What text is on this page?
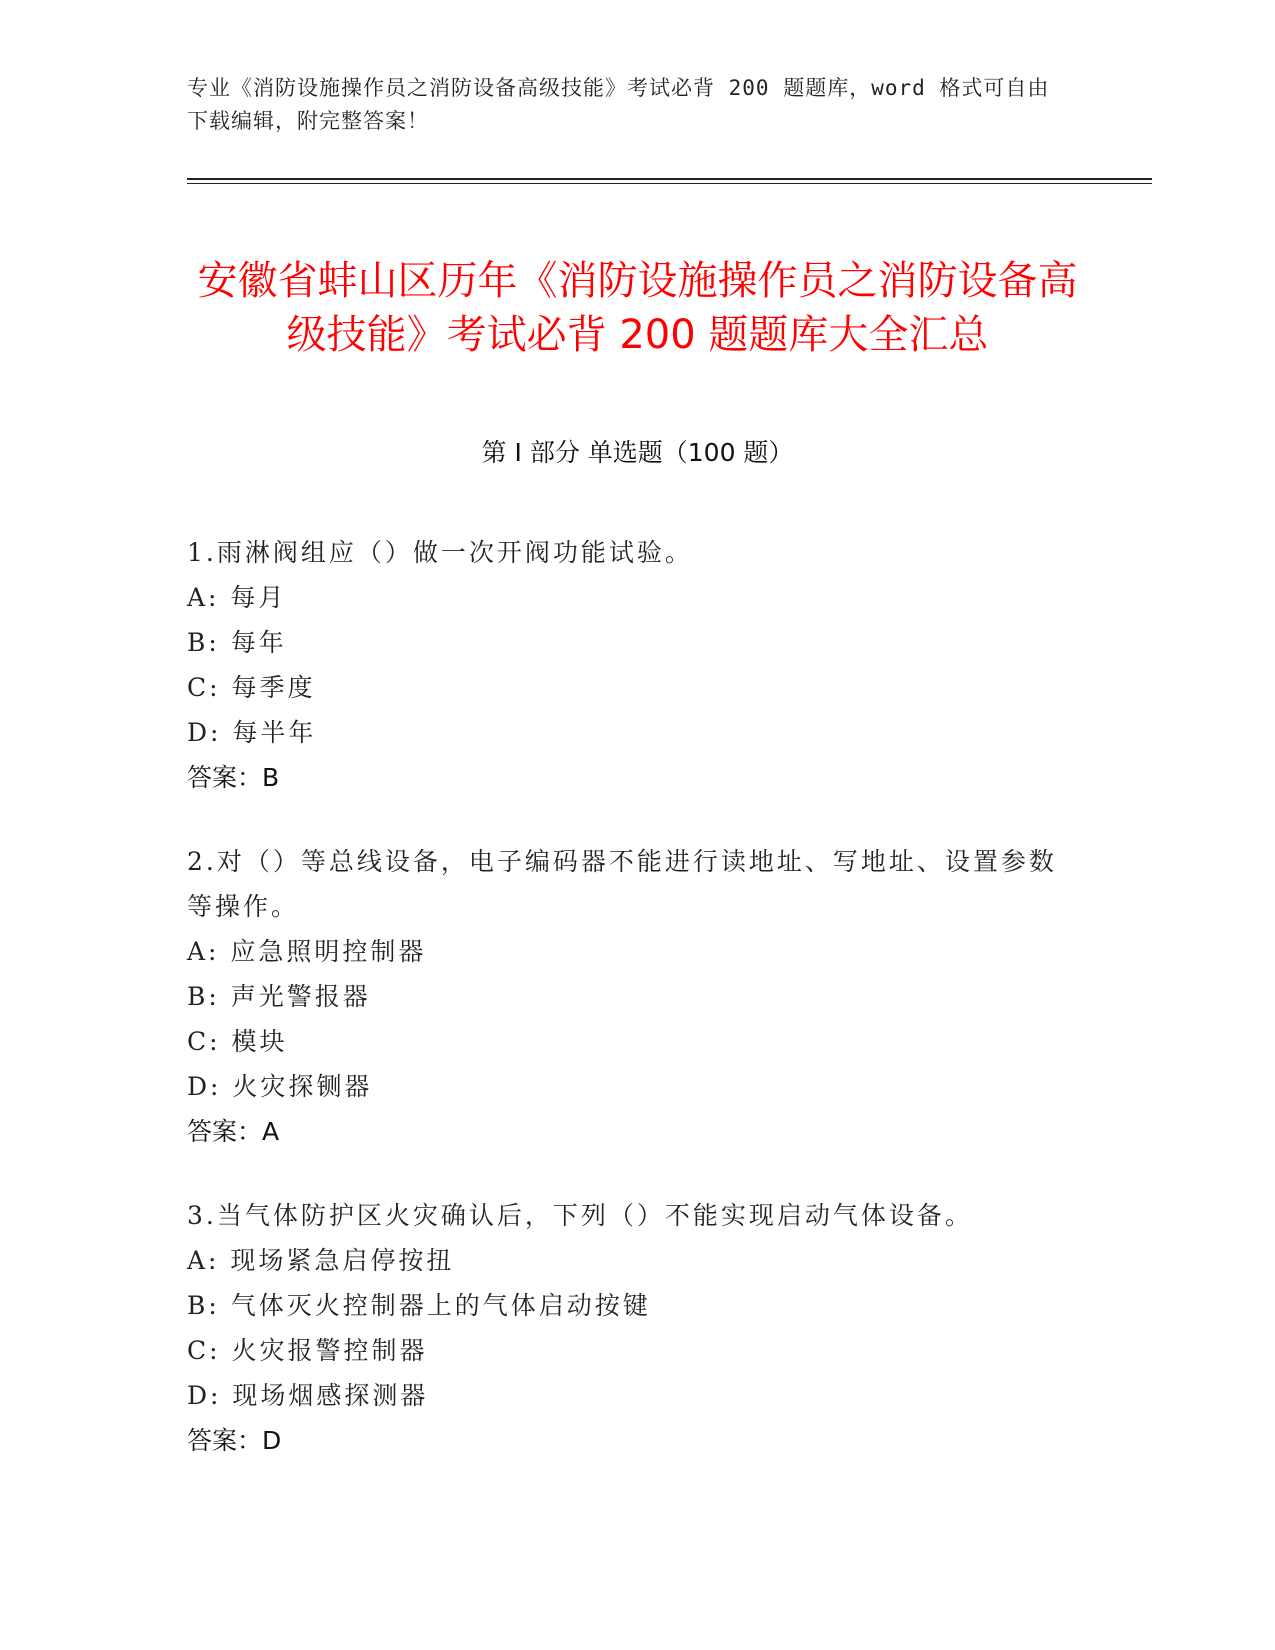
专业《消防设施操作员之消防设备高级技能》考试必背 200 题题库，word 格式可自由下载编辑，附完整答案！
安徽省蚌山区历年《消防设施操作员之消防设备高级技能》考试必背 200 题题库大全汇总
第 I 部分 单选题（100 题）
1.雨淋阀组应（）做一次开阀功能试验。
A: 每月
B: 每年
C: 每季度
D: 每半年
答案：B
2.对（）等总线设备，电子编码器不能进行读地址、写地址、设置参数等操作。
A: 应急照明控制器
B: 声光警报器
C: 模块
D: 火灾探铡器
答案：A
3.当气体防护区火灾确认后，下列（）不能实现启动气体设备。
A: 现场紧急启停按扭
B: 气体灭火控制器上的气体启动按键
C: 火灾报警控制器
D: 现场烟感探测器
答案：D
